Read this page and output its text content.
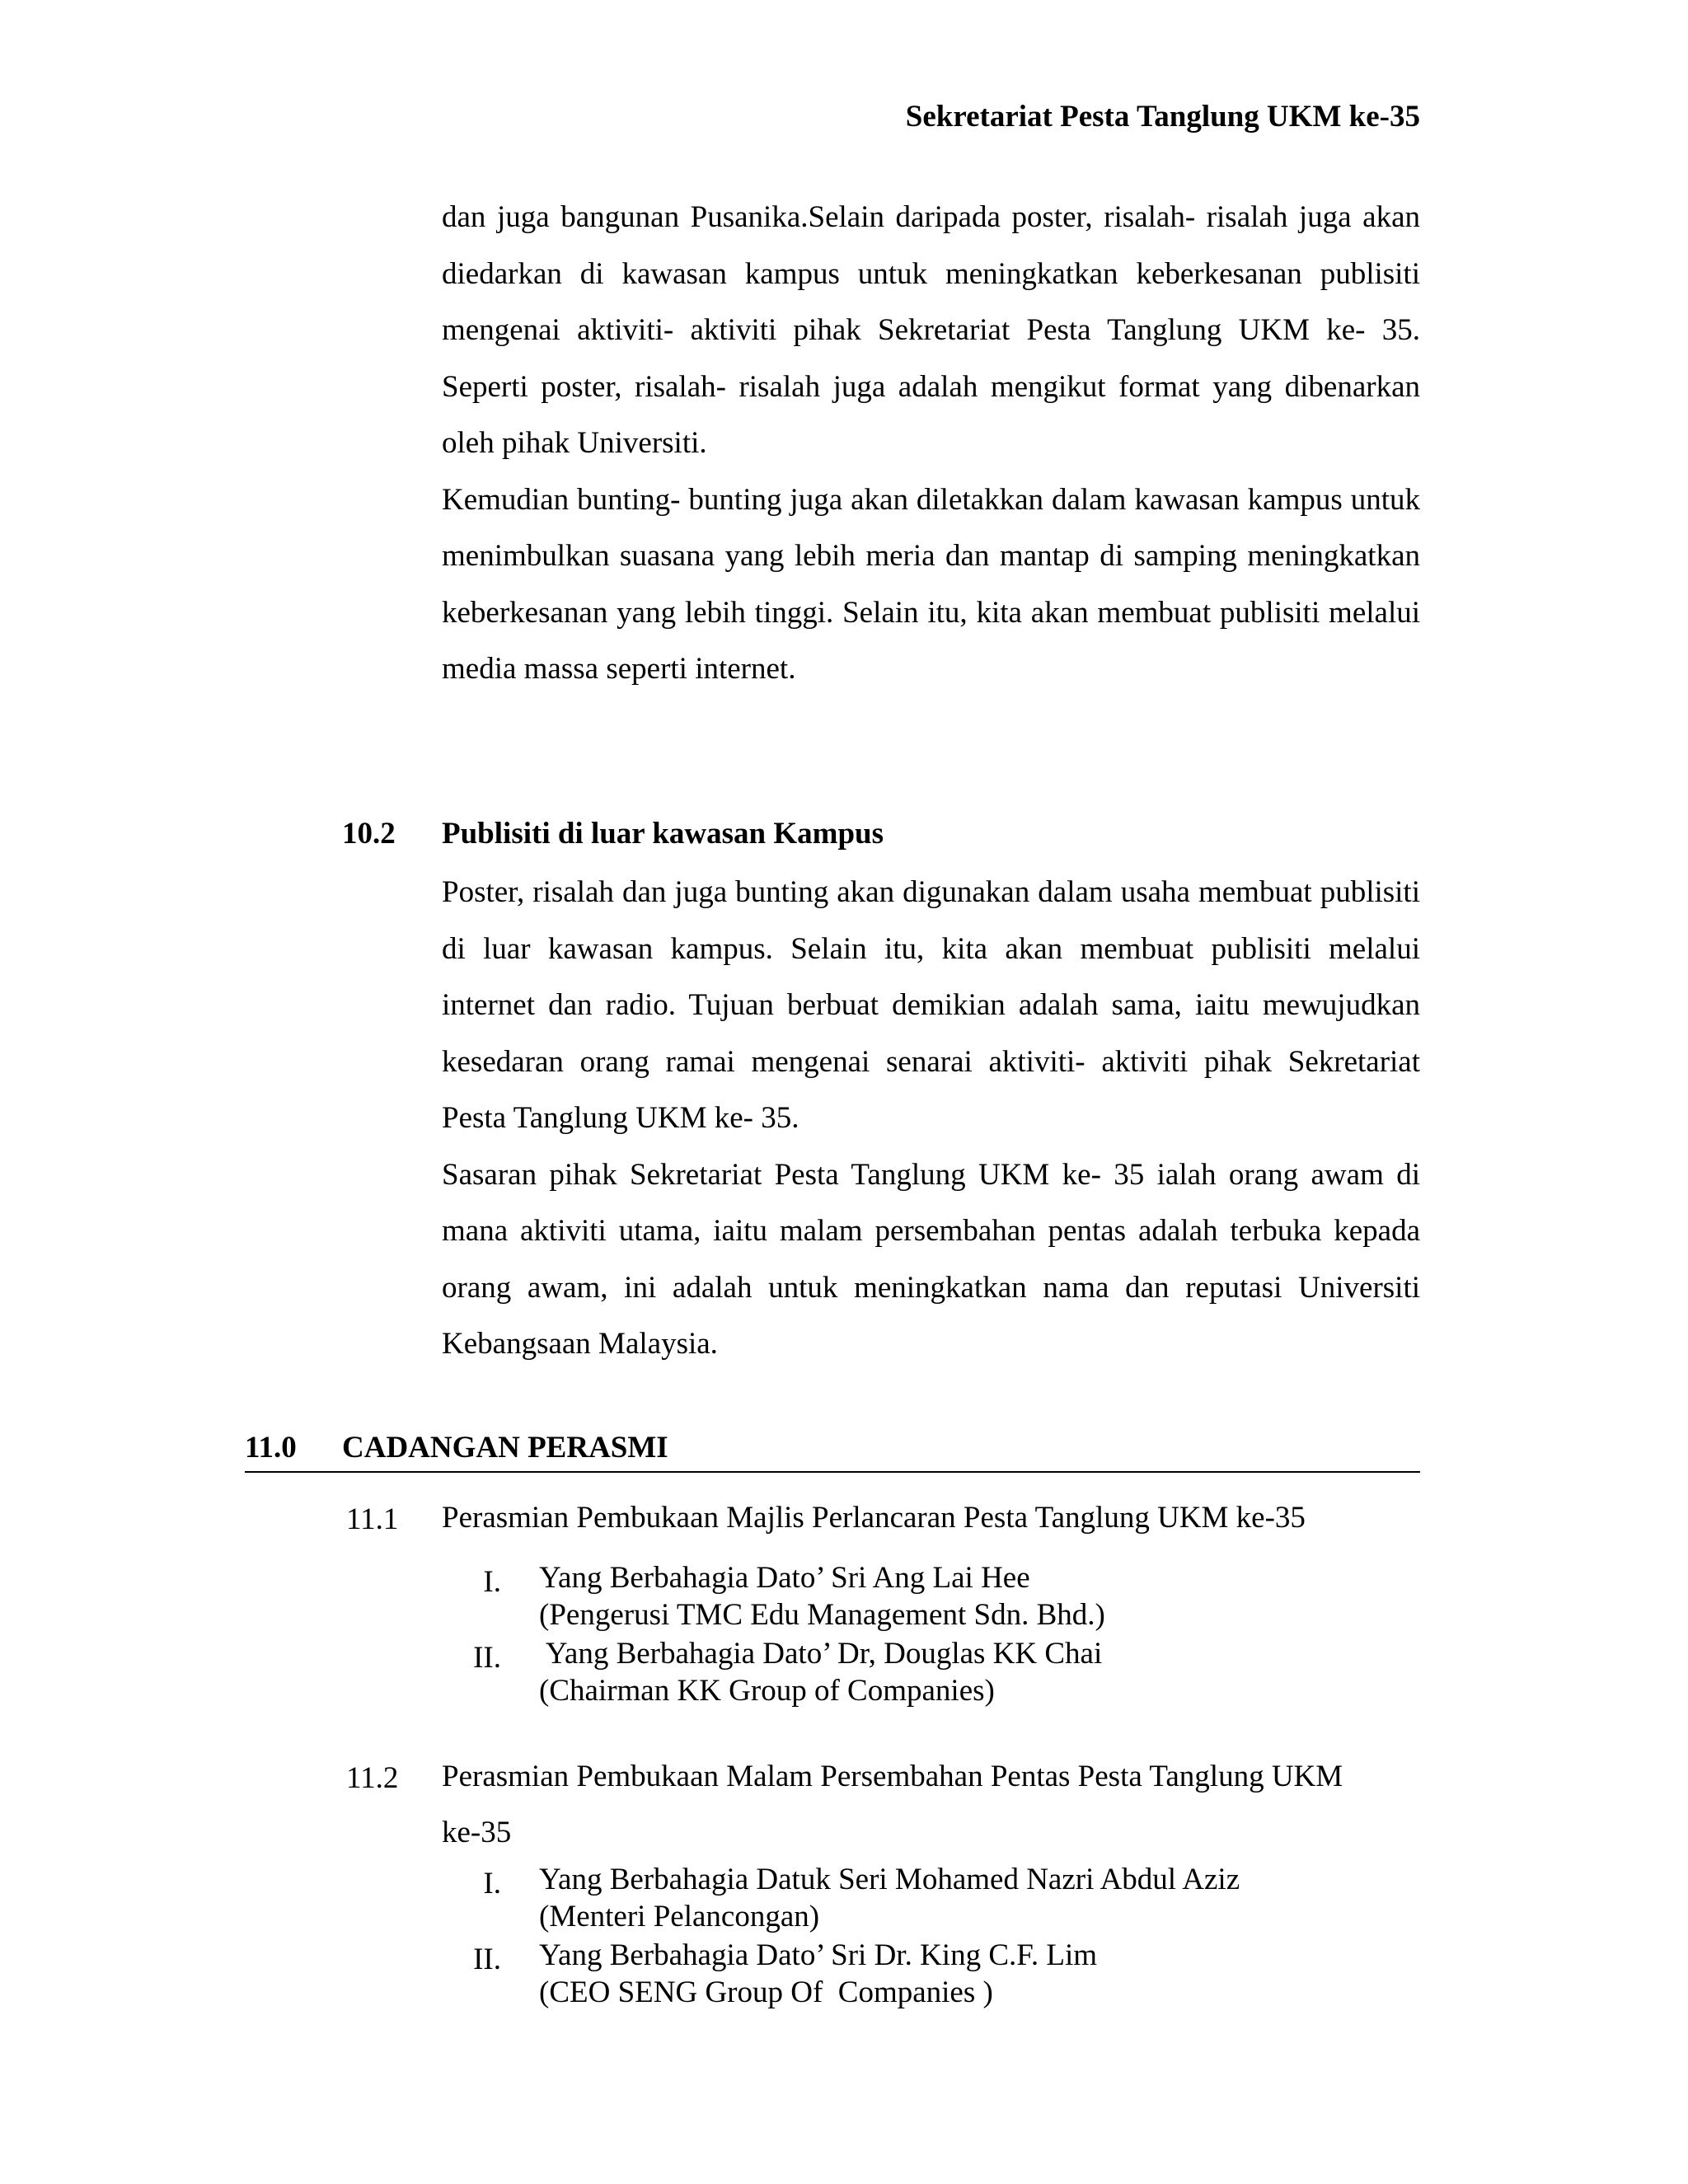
Sekretariat Pesta Tanglung UKM ke-35

dan juga bangunan Pusanika.Selain daripada poster, risalah- risalah juga akan diedarkan di kawasan kampus untuk meningkatkan keberkesanan publisiti mengenai aktiviti- aktiviti pihak Sekretariat Pesta Tanglung UKM ke- 35. Seperti poster, risalah- risalah juga adalah mengikut format yang dibenarkan oleh pihak Universiti.

Kemudian bunting- bunting juga akan diletakkan dalam kawasan kampus untuk menimbulkan suasana yang lebih meria dan mantap di samping meningkatkan keberkesanan yang lebih tinggi. Selain itu, kita akan membuat publisiti melalui media massa seperti internet.

10.2 Publisiti di luar kawasan Kampus

Poster, risalah dan juga bunting akan digunakan dalam usaha membuat publisiti di luar kawasan kampus. Selain itu, kita akan membuat publisiti melalui internet dan radio. Tujuan berbuat demikian adalah sama, iaitu mewujudkan kesedaran orang ramai mengenai senarai aktiviti- aktiviti pihak Sekretariat Pesta Tanglung UKM ke- 35.

Sasaran pihak Sekretariat Pesta Tanglung UKM ke- 35 ialah orang awam di mana aktiviti utama, iaitu malam persembahan pentas adalah terbuka kepada orang awam, ini adalah untuk meningkatkan nama dan reputasi Universiti Kebangsaan Malaysia.

11.0 CADANGAN PERASMI
11.1 Perasmian Pembukaan Majlis Perlancaran Pesta Tanglung UKM ke-35
I. Yang Berbahagia Dato’ Sri Ang Lai Hee
(Pengerusi TMC Edu Management Sdn. Bhd.)
II. Yang Berbahagia Dato’ Dr, Douglas KK Chai
(Chairman KK Group of Companies)
11.2 Perasmian Pembukaan Malam Persembahan Pentas Pesta Tanglung UKM
ke-35
I. Yang Berbahagia Datuk Seri Mohamed Nazri Abdul Aziz
(Menteri Pelancongan)
II. Yang Berbahagia Dato’ Sri Dr. King C.F. Lim
(CEO SENG Group Of  Companies )
